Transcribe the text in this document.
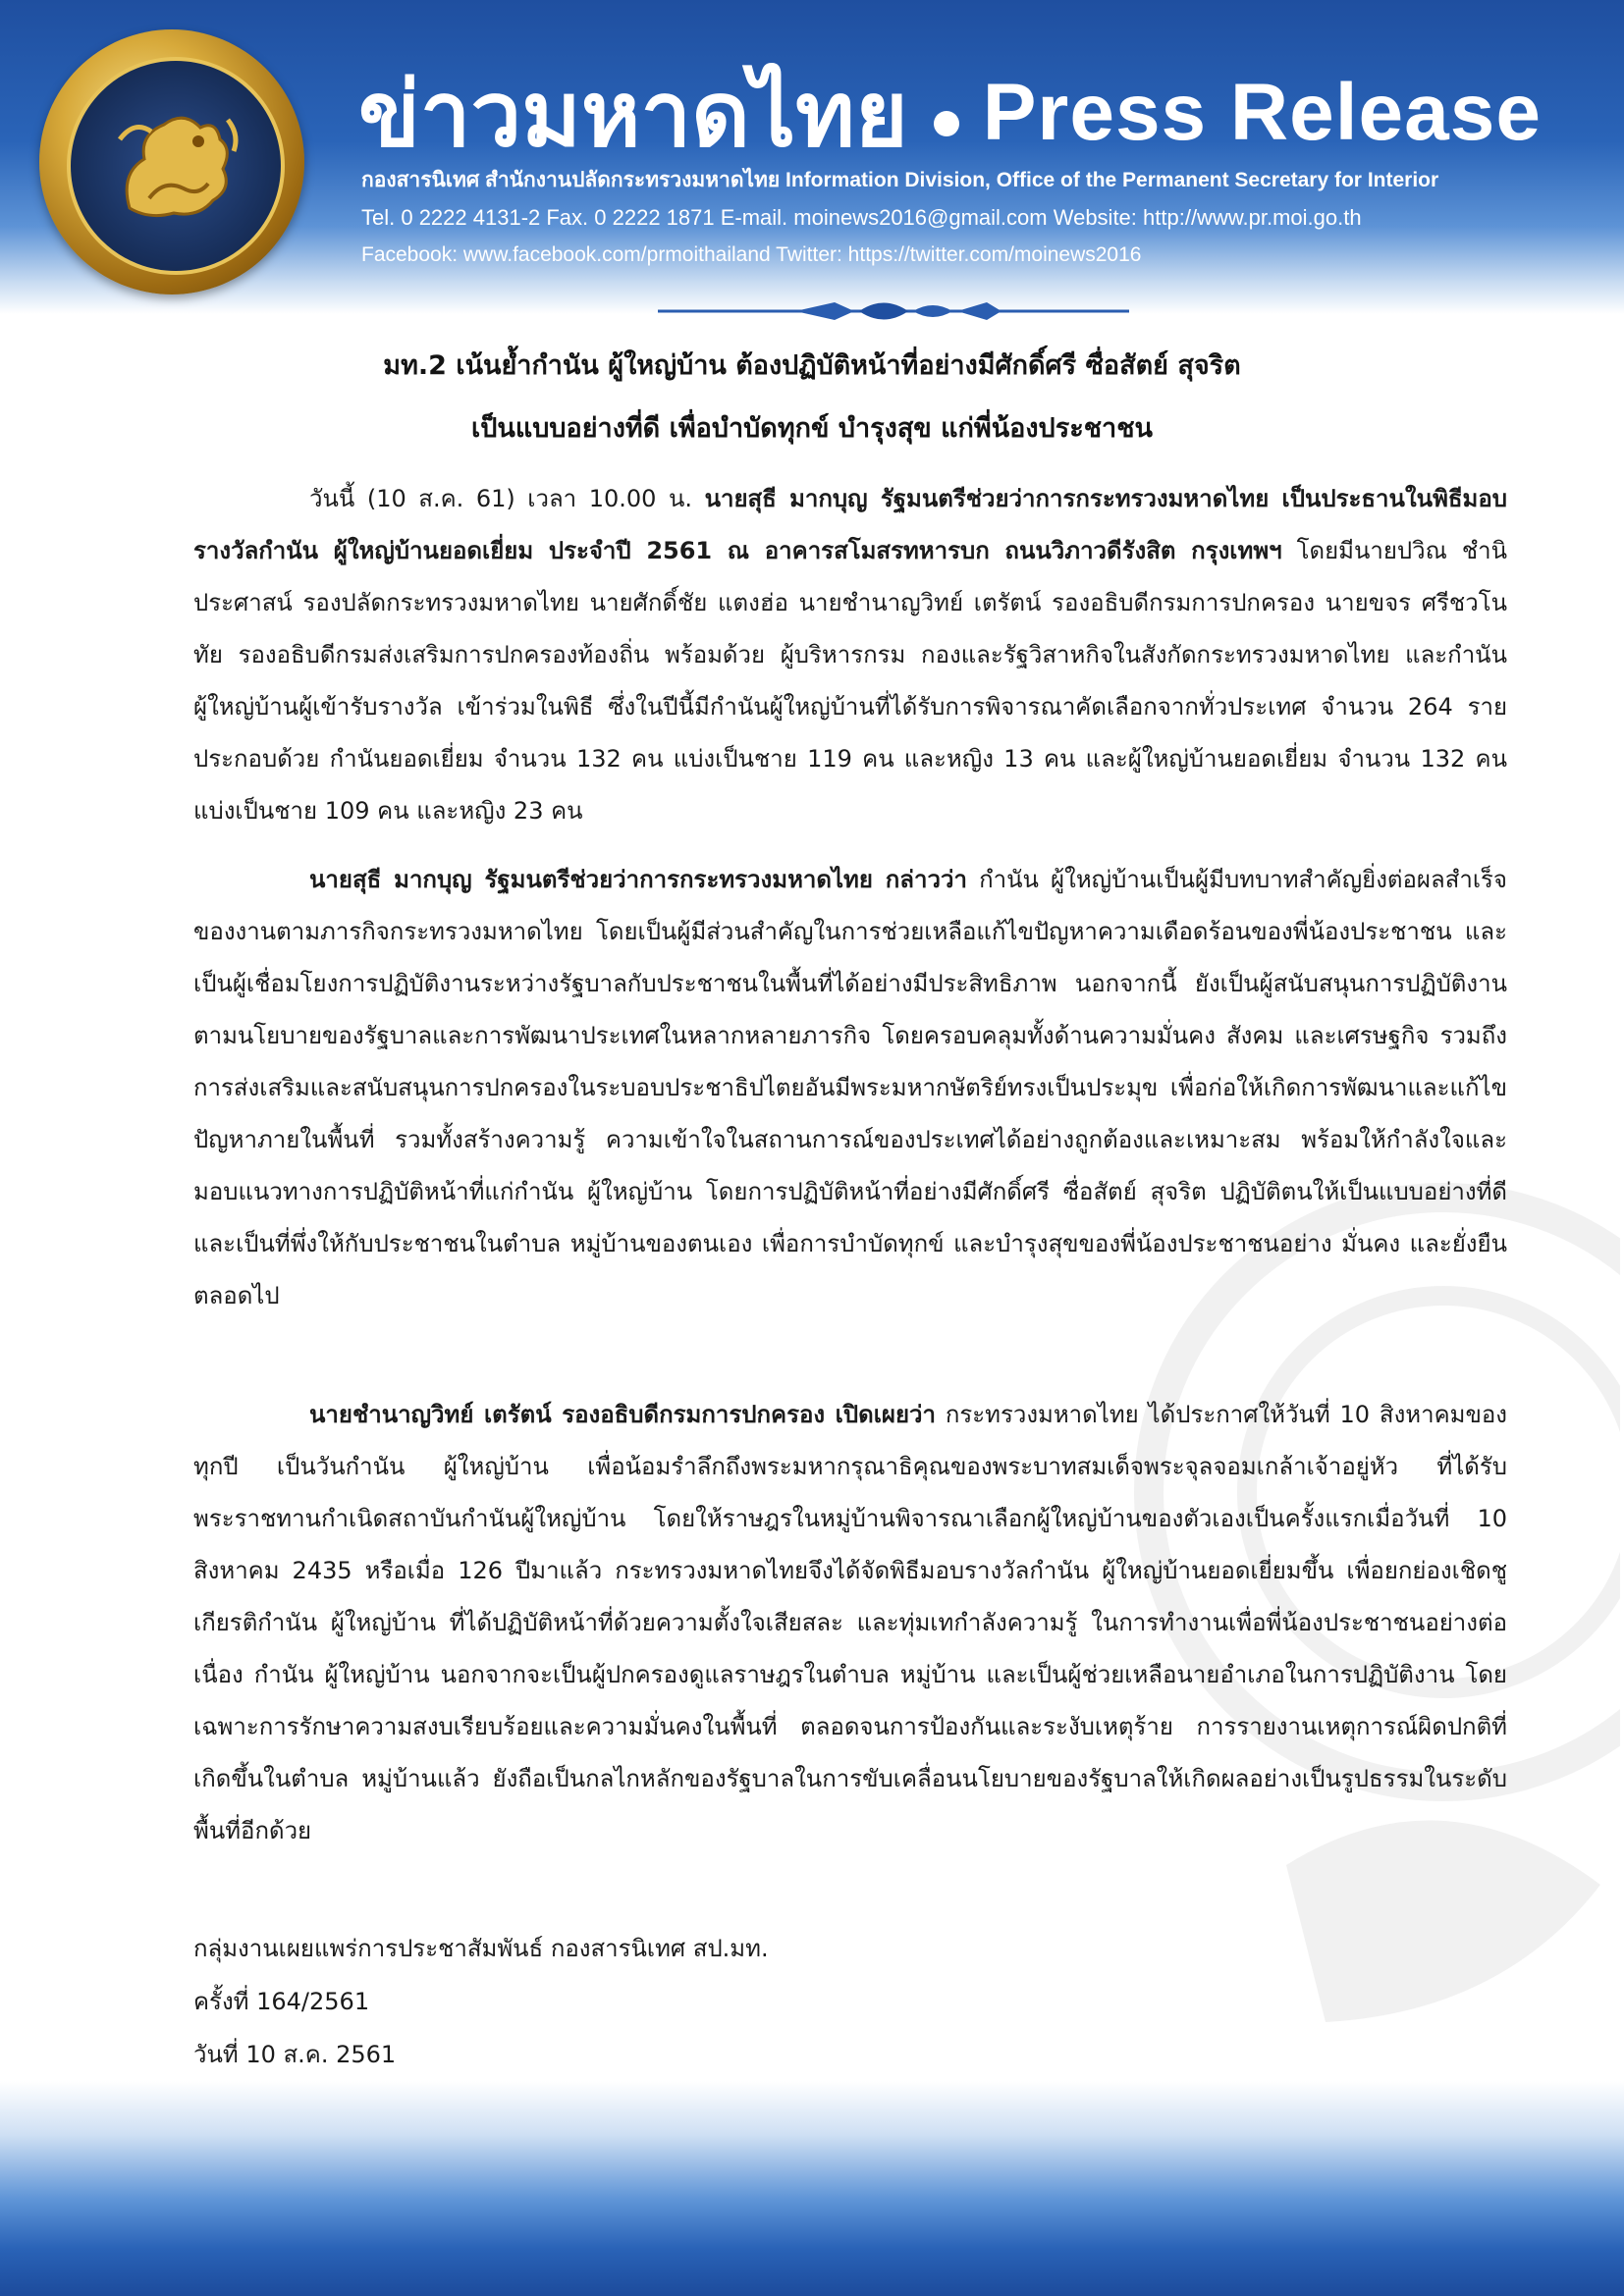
ข่าวมหาดไทย Press Release
กองสารนิเทศ สำนักงานปลัดกระทรวงมหาดไทย Information Division, Office of the Permanent Secretary for Interior
Tel. 0 2222 4131-2 Fax. 0 2222 1871 E-mail. moinews2016@gmail.com Website: http://www.pr.moi.go.th
Facebook: www.facebook.com/prmoithailand Twitter: https://twitter.com/moinews2016
มท.2 เน้นย้ำกำนัน ผู้ใหญ่บ้าน ต้องปฏิบัติหน้าที่อย่างมีศักดิ์ศรี ซื่อสัตย์ สุจริต
เป็นแบบอย่างที่ดี เพื่อบำบัดทุกข์ บำรุงสุข แก่พี่น้องประชาชน

วันนี้ (10 ส.ค. 61) เวลา 10.00 น. นายสุธี มากบุญ รัฐมนตรีช่วยว่าการกระทรวงมหาดไทย เป็นประธานในพิธีมอบรางวัลกำนัน ผู้ใหญ่บ้านยอดเยี่ยม ประจำปี 2561 ณ อาคารสโมสรทหารบก ถนนวิภาวดีรังสิต กรุงเทพฯ โดยมีนายปวิณ ชำนิประศาสน์ รองปลัดกระทรวงมหาดไทย นายศักดิ์ชัย แตงฮ่อ นายชำนาญวิทย์ เตรัตน์ รองอธิบดีกรมการปกครอง นายขจร ศรีชวโนทัย รองอธิบดีกรมส่งเสริมการปกครองท้องถิ่น พร้อมด้วย ผู้บริหารกรม กองและรัฐวิสาหกิจในสังกัดกระทรวงมหาดไทย และกำนัน ผู้ใหญ่บ้านผู้เข้ารับรางวัล เข้าร่วมในพิธี ซึ่งในปีนี้มีกำนันผู้ใหญ่บ้านที่ได้รับการพิจารณาคัดเลือกจากทั่วประเทศ จำนวน 264 ราย ประกอบด้วย กำนันยอดเยี่ยม จำนวน 132 คน แบ่งเป็นชาย 119 คน และหญิง 13 คน และผู้ใหญ่บ้านยอดเยี่ยม จำนวน 132 คน แบ่งเป็นชาย 109 คน และหญิง 23 คน

นายสุธี มากบุญ รัฐมนตรีช่วยว่าการกระทรวงมหาดไทย กล่าวว่า กำนัน ผู้ใหญ่บ้านเป็นผู้มีบทบาทสำคัญยิ่งต่อผลสำเร็จของงานตามภารกิจกระทรวงมหาดไทย โดยเป็นผู้มีส่วนสำคัญในการช่วยเหลือแก้ไขปัญหาความเดือดร้อนของพี่น้องประชาชน และเป็นผู้เชื่อมโยงการปฏิบัติงานระหว่างรัฐบาลกับประชาชนในพื้นที่ได้อย่างมีประสิทธิภาพ นอกจากนี้ ยังเป็นผู้สนับสนุนการปฏิบัติงานตามนโยบายของรัฐบาลและการพัฒนาประเทศในหลากหลายภารกิจ โดยครอบคลุมทั้งด้านความมั่นคง สังคม และเศรษฐกิจ รวมถึงการส่งเสริมและสนับสนุนการปกครองในระบอบประชาธิปไตยอันมีพระมหากษัตริย์ทรงเป็นประมุข เพื่อก่อให้เกิดการพัฒนาและแก้ไขปัญหาภายในพื้นที่ รวมทั้งสร้างความรู้ ความเข้าใจในสถานการณ์ของประเทศได้อย่างถูกต้องและเหมาะสม พร้อมให้กำลังใจและมอบแนวทางการปฏิบัติหน้าที่แก่กำนัน ผู้ใหญ่บ้าน โดยการปฏิบัติหน้าที่อย่างมีศักดิ์ศรี ซื่อสัตย์ สุจริต ปฏิบัติตนให้เป็นแบบอย่างที่ดี และเป็นที่พึ่งให้กับประชาชนในตำบล หมู่บ้านของตนเอง เพื่อการบำบัดทุกข์ และบำรุงสุขของพี่น้องประชาชนอย่าง มั่นคง และยั่งยืนตลอดไป

นายชำนาญวิทย์ เตรัตน์ รองอธิบดีกรมการปกครอง เปิดเผยว่า กระทรวงมหาดไทย ได้ประกาศให้วันที่ 10 สิงหาคมของทุกปี เป็นวันกำนัน ผู้ใหญ่บ้าน เพื่อน้อมรำลึกถึงพระมหากรุณาธิคุณของพระบาทสมเด็จพระจุลจอมเกล้าเจ้าอยู่หัว ที่ได้รับพระราชทานกำเนิดสถาบันกำนันผู้ใหญ่บ้าน โดยให้ราษฎรในหมู่บ้านพิจารณาเลือกผู้ใหญ่บ้านของตัวเองเป็นครั้งแรกเมื่อวันที่ 10 สิงหาคม 2435 หรือเมื่อ 126 ปีมาแล้ว กระทรวงมหาดไทยจึงได้จัดพิธีมอบรางวัลกำนัน ผู้ใหญ่บ้านยอดเยี่ยมขึ้น เพื่อยกย่องเชิดชูเกียรติกำนัน ผู้ใหญ่บ้าน ที่ได้ปฏิบัติหน้าที่ด้วยความตั้งใจเสียสละ และทุ่มเทกำลังความรู้ ในการทำงานเพื่อพี่น้องประชาชนอย่างต่อเนื่อง กำนัน ผู้ใหญ่บ้าน นอกจากจะเป็นผู้ปกครองดูแลราษฎรในตำบล หมู่บ้าน และเป็นผู้ช่วยเหลือนายอำเภอในการปฏิบัติงาน โดยเฉพาะการรักษาความสงบเรียบร้อยและความมั่นคงในพื้นที่ ตลอดจนการป้องกันและระงับเหตุร้าย การรายงานเหตุการณ์ผิดปกติที่เกิดขึ้นในตำบล หมู่บ้านแล้ว ยังถือเป็นกลไกหลักของรัฐบาลในการขับเคลื่อนนโยบายของรัฐบาลให้เกิดผลอย่างเป็นรูปธรรมในระดับพื้นที่อีกด้วย

กลุ่มงานเผยแพร่การประชาสัมพันธ์ กองสารนิเทศ สป.มท.
ครั้งที่ 164/2561
วันที่ 10 ส.ค. 2561
